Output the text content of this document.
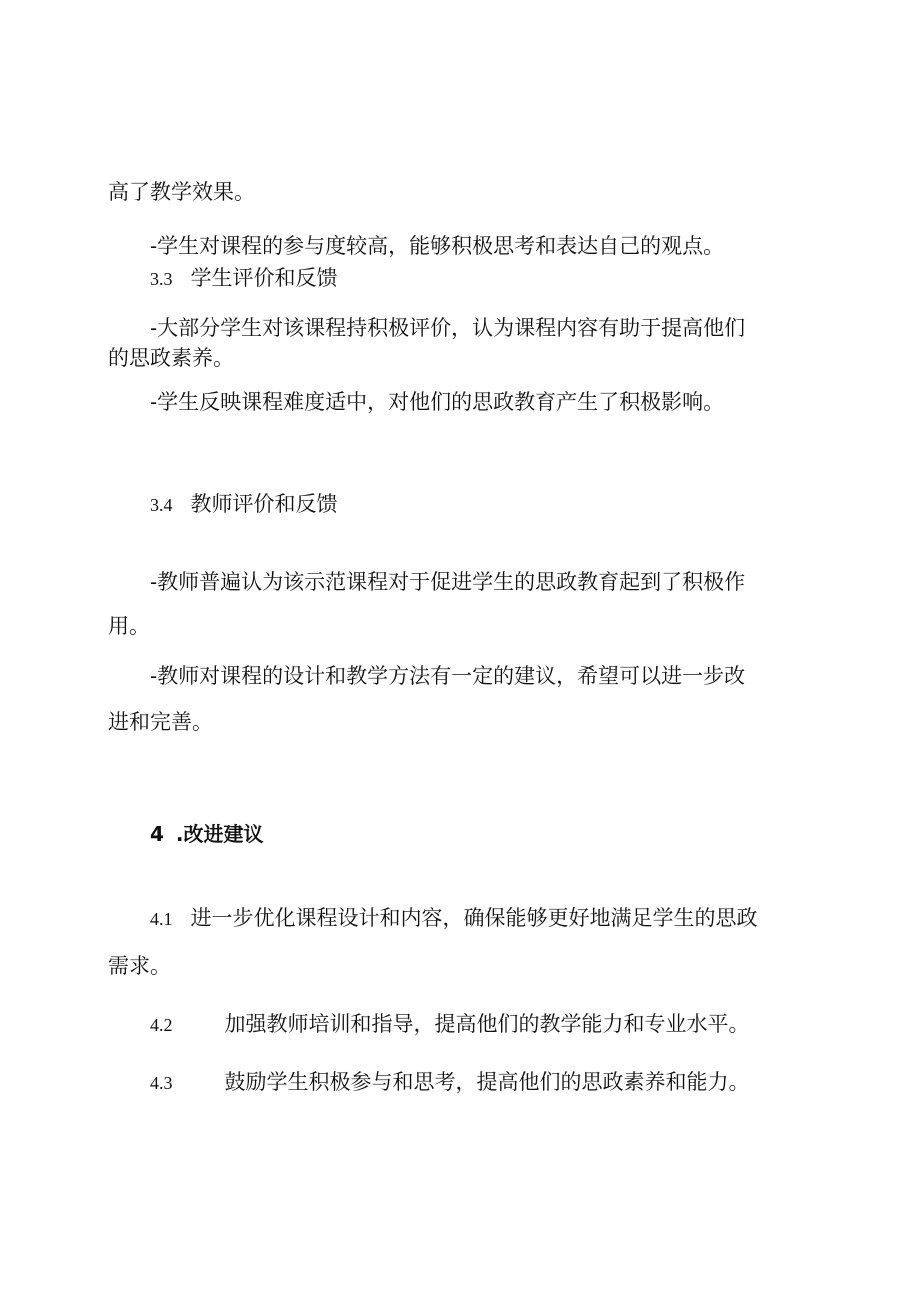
高了教学效果。
-学生对课程的参与度较高，能够积极思考和表达自己的观点。
3.3 学生评价和反馈
-大部分学生对该课程持积极评价，认为课程内容有助于提高他们
的思政素养。
-学生反映课程难度适中，对他们的思政教育产生了积极影响。
3.4 教师评价和反馈
-教师普遍认为该示范课程对于促进学生的思政教育起到了积极作
用。
-教师对课程的设计和教学方法有一定的建议，希望可以进一步改
进和完善。
4 .改进建议
4.1 进一步优化课程设计和内容，确保能够更好地满足学生的思政
需求。
4.2 加强教师培训和指导，提高他们的教学能力和专业水平。
4.3 鼓励学生积极参与和思考，提高他们的思政素养和能力。
